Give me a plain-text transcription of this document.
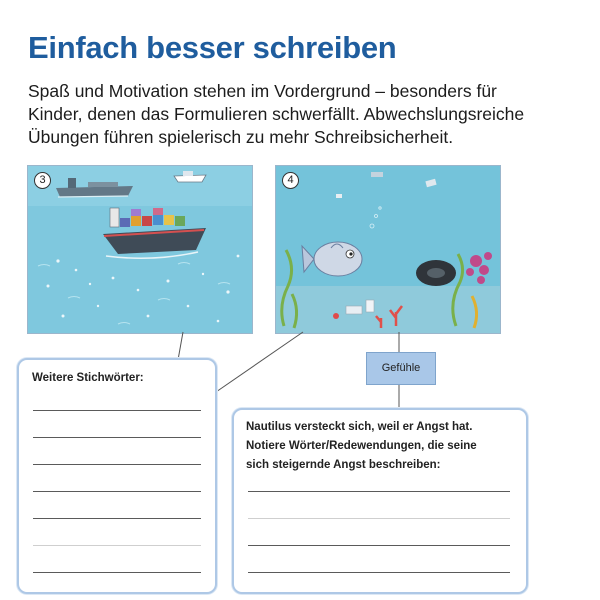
Einfach besser schreiben
Spaß und Motivation stehen im Vordergrund – besonders für
Kinder, denen das Formulieren schwerfällt. Abwechslungsreiche
Übungen führen spielerisch zu mehr Schreibsicherheit.
3	4
Weitere Stichwörter:
Gefühle
Nautilus versteckt sich, weil er Angst hat.
Notiere Wörter/Redewendungen, die seine
sich steigernde Angst beschreiben:
